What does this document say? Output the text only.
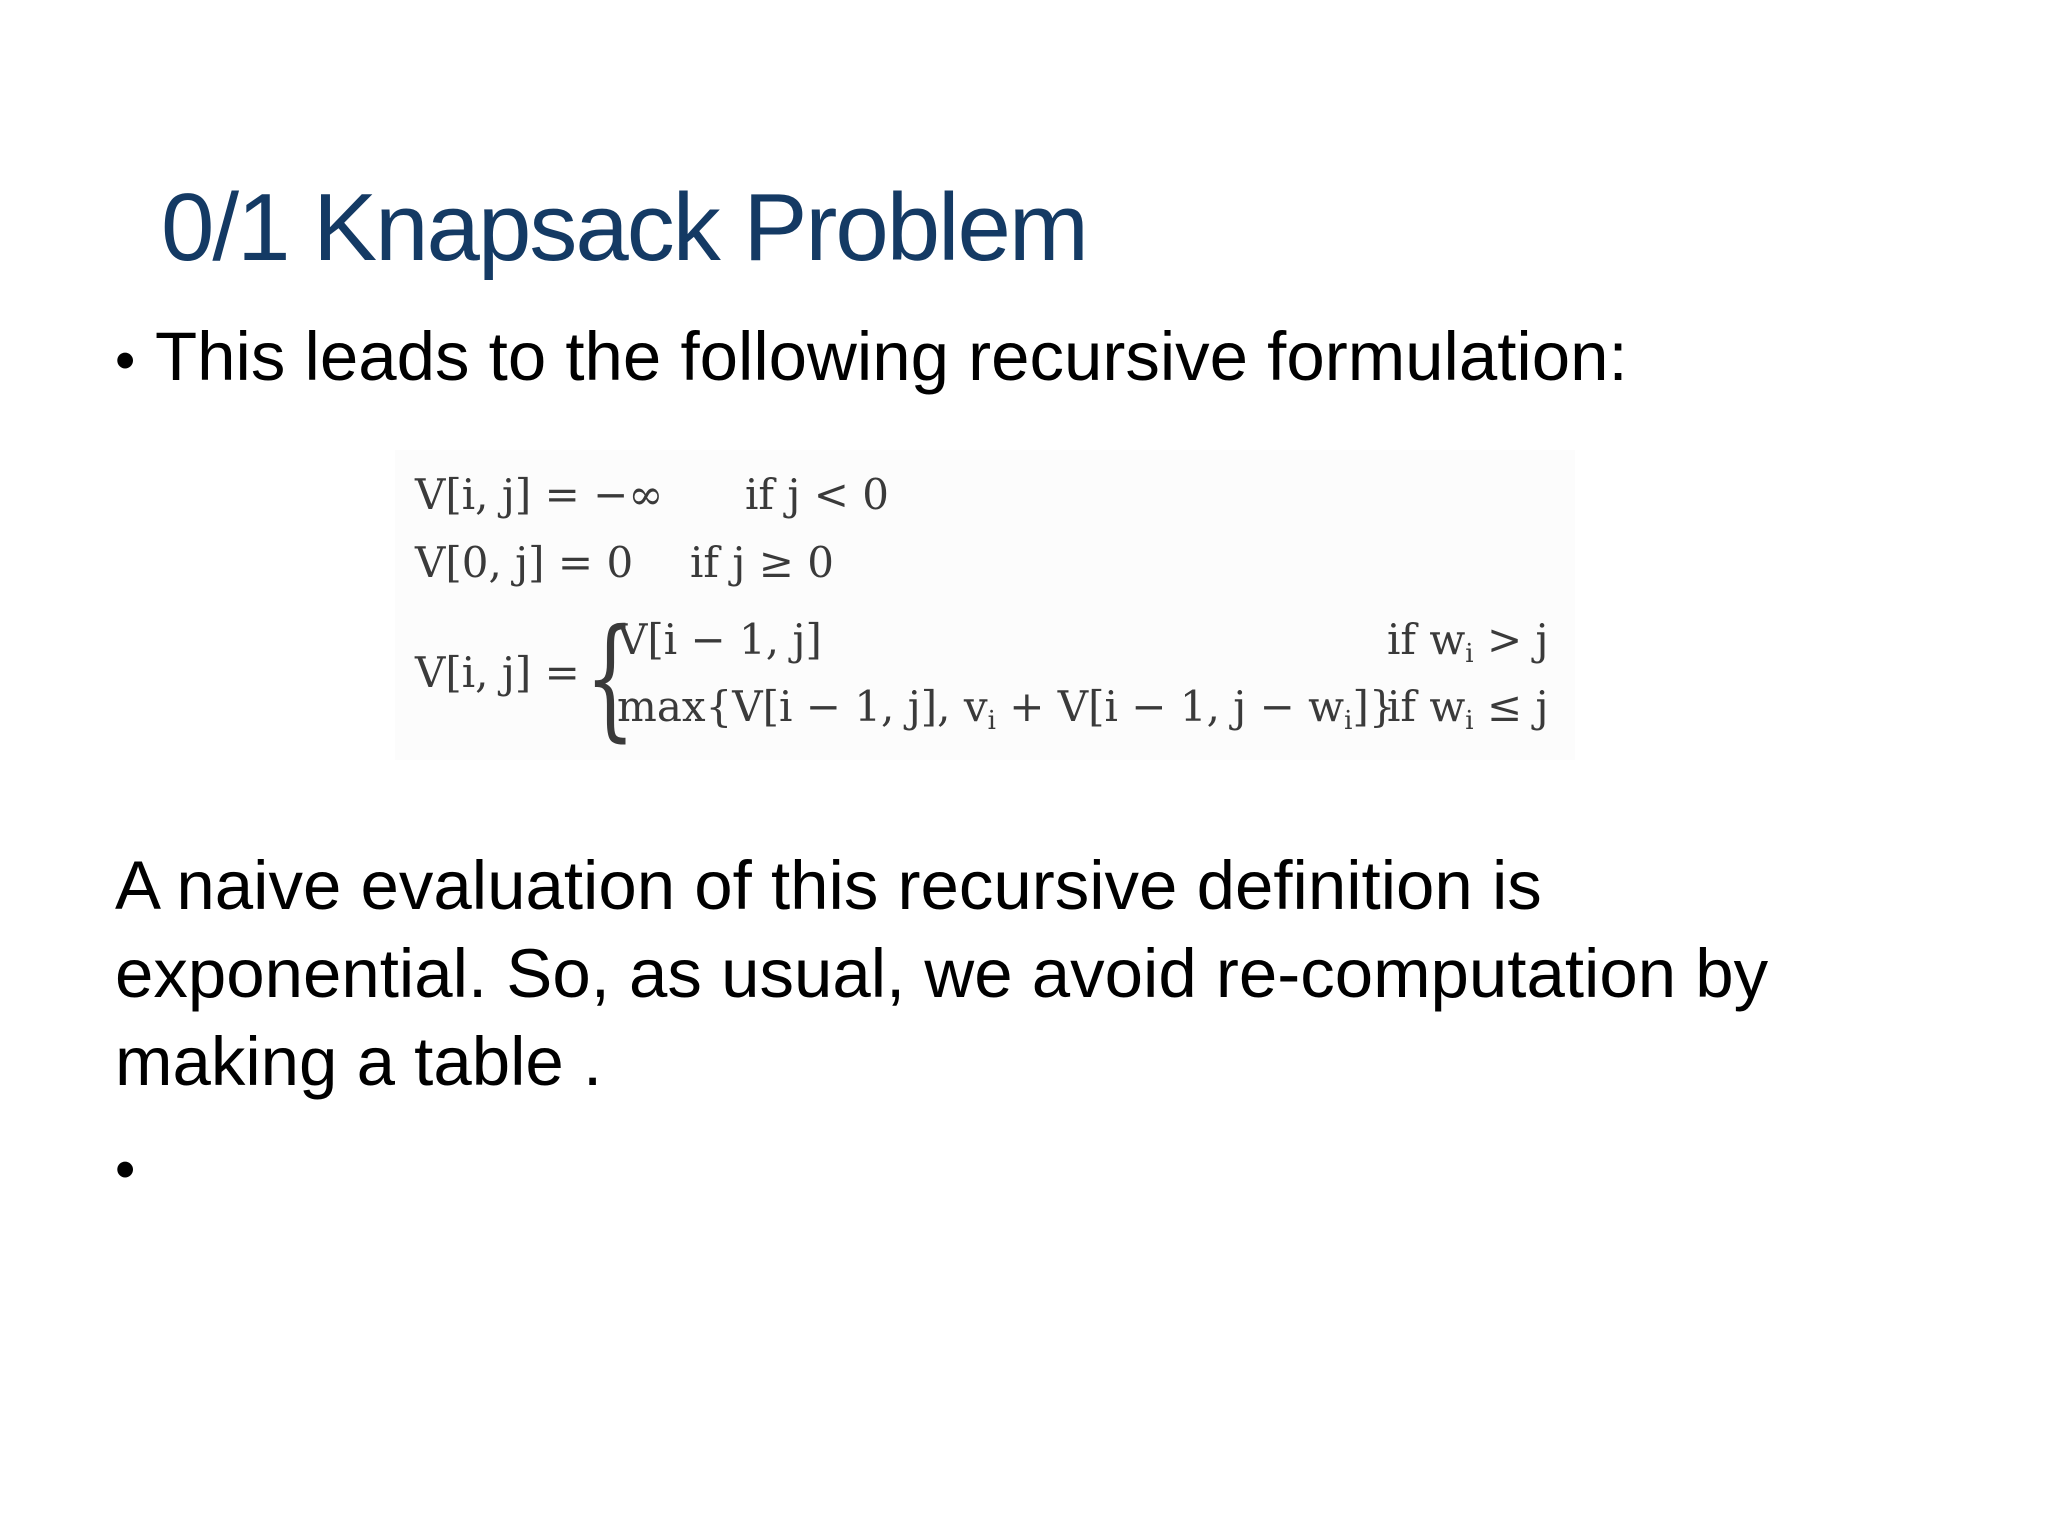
0/1 Knapsack Problem
• This leads to the following recursive formulation:
V[i, j] = −∞ if j < 0
V[0, j] = 0 if j ≥ 0
V[i, j] = {
V[i − 1, j]	if $w_i > j$
max{V[i − 1, j], $v_i + V[i - 1$, $j - w_i$]}
if $w_i \le j$
A naive evaluation of this recursive definition is
exponential. So, as usual, we avoid re-computation by
making a table .
•
